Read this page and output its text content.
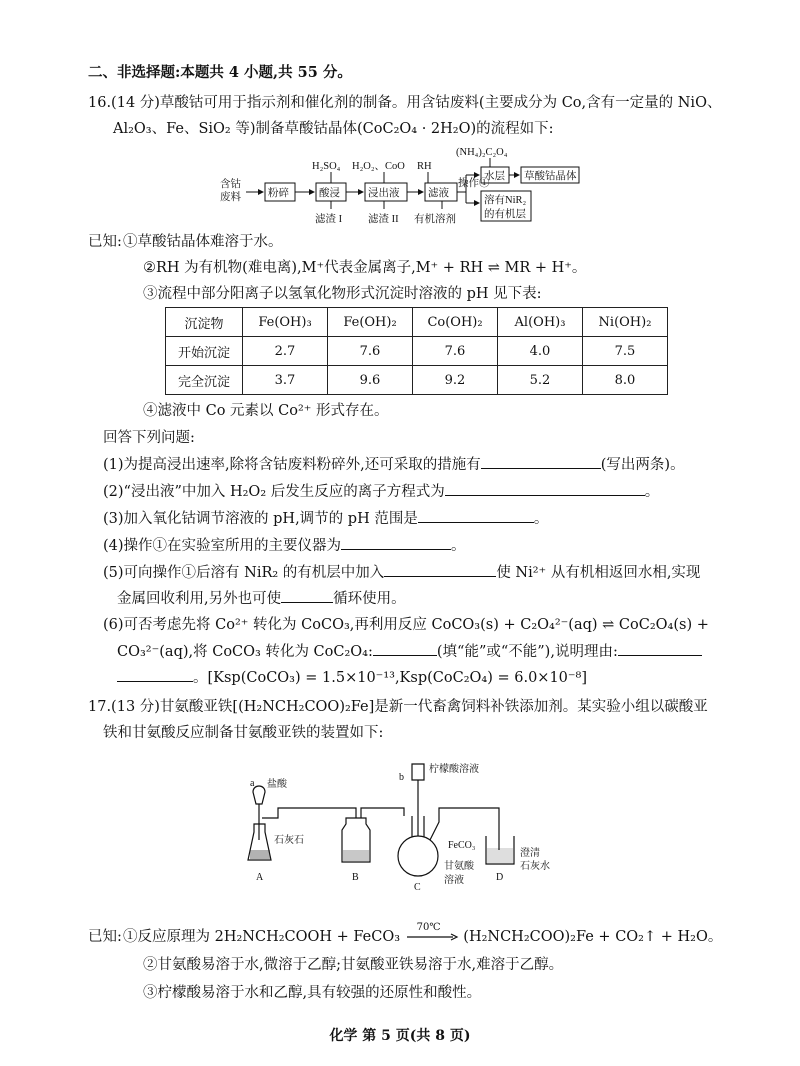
二、非选择题:本题共 4 小题,共 55 分。
16.(14 分)草酸钴可用于指示剂和催化剂的制备。用含钴废料(主要成分为 Co,含有一定量的 NiO、
Al₂O₃、Fe、SiO₂ 等)制备草酸钴晶体(CoC₂O₄ · 2H₂O)的流程如下:
含钴
废料	粉碎	酸浸	浸出液	滤液
H₂SO₄ H₂O₂、CoO RH
滤渣 I 滤渣 II 有机溶剂
操作①
(NH₄)₂C₂O₄
水层 草酸钴晶体
溶有NiR₂
的有机层
已知: ①草酸钴晶体难溶于水。
②RH 为有机物(难电离),M⁺代表金属离子,M⁺ + RH ⇌ MR + H⁺。
③流程中部分阳离子以氢氧化物形式沉淀时溶液的 pH 见下表:
沉淀物	Fe(OH)₃	Fe(OH)₂	Co(OH)₂	Al(OH)₃	Ni(OH)₂
开始沉淀	2.7	7.6	7.6	4.0	7.5
完全沉淀	3.7	9.6	9.2	5.2	8.0
④滤液中 Co 元素以 Co²⁺ 形式存在。
回答下列问题:
(1)为提高浸出速率,除将含钴废料粉碎外,还可采取的措施有	(写出两条)。
(2)“浸出液”中加入 H₂O₂ 后发生反应的离子方程式为	。
(3)加入氧化钴调节溶液的 pH,调节的 pH 范围是	。
(4)操作①在实验室所用的主要仪器为	。
(5)可向操作①后溶有 NiR₂ 的有机层中加入	使 Ni²⁺ 从有机相返回水相,实现
金属回收利用,另外也可使	循环使用。
(6)可否考虑先将 Co²⁺ 转化为 CoCO₃,再利用反应 CoCO₃(s) + C₂O₄²⁻(aq) ⇌ CoC₂O₄(s) +
CO₃²⁻(aq),将 CoCO₃ 转化为 CoC₂O₄:	(填“能”或“不能”),说明理由:
。[Ksp(CoCO₃) = 1.5×10⁻¹³,Ksp(CoC₂O₄) = 6.0×10⁻⁸]
17.(13 分)甘氨酸亚铁[(H₂NCH₂COO)₂Fe]是新一代畜禽饲料补铁添加剂。某实验小组以碳酸亚
铁和甘氨酸反应制备甘氨酸亚铁的装置如下:
a 盐酸
石灰石
b
柠檬酸溶液
FeCO₃
甘氨酸
溶液
澄清
石灰水
A	B
C
D
已知: ①反应原理为 2H₂NCH₂COOH + FeCO₃
70℃
(H₂NCH₂COO)₂Fe + CO₂↑ + H₂O。
②甘氨酸易溶于水,微溶于乙醇;甘氨酸亚铁易溶于水,难溶于乙醇。
③柠檬酸易溶于水和乙醇,具有较强的还原性和酸性。
化学 第 5 页(共 8 页)
